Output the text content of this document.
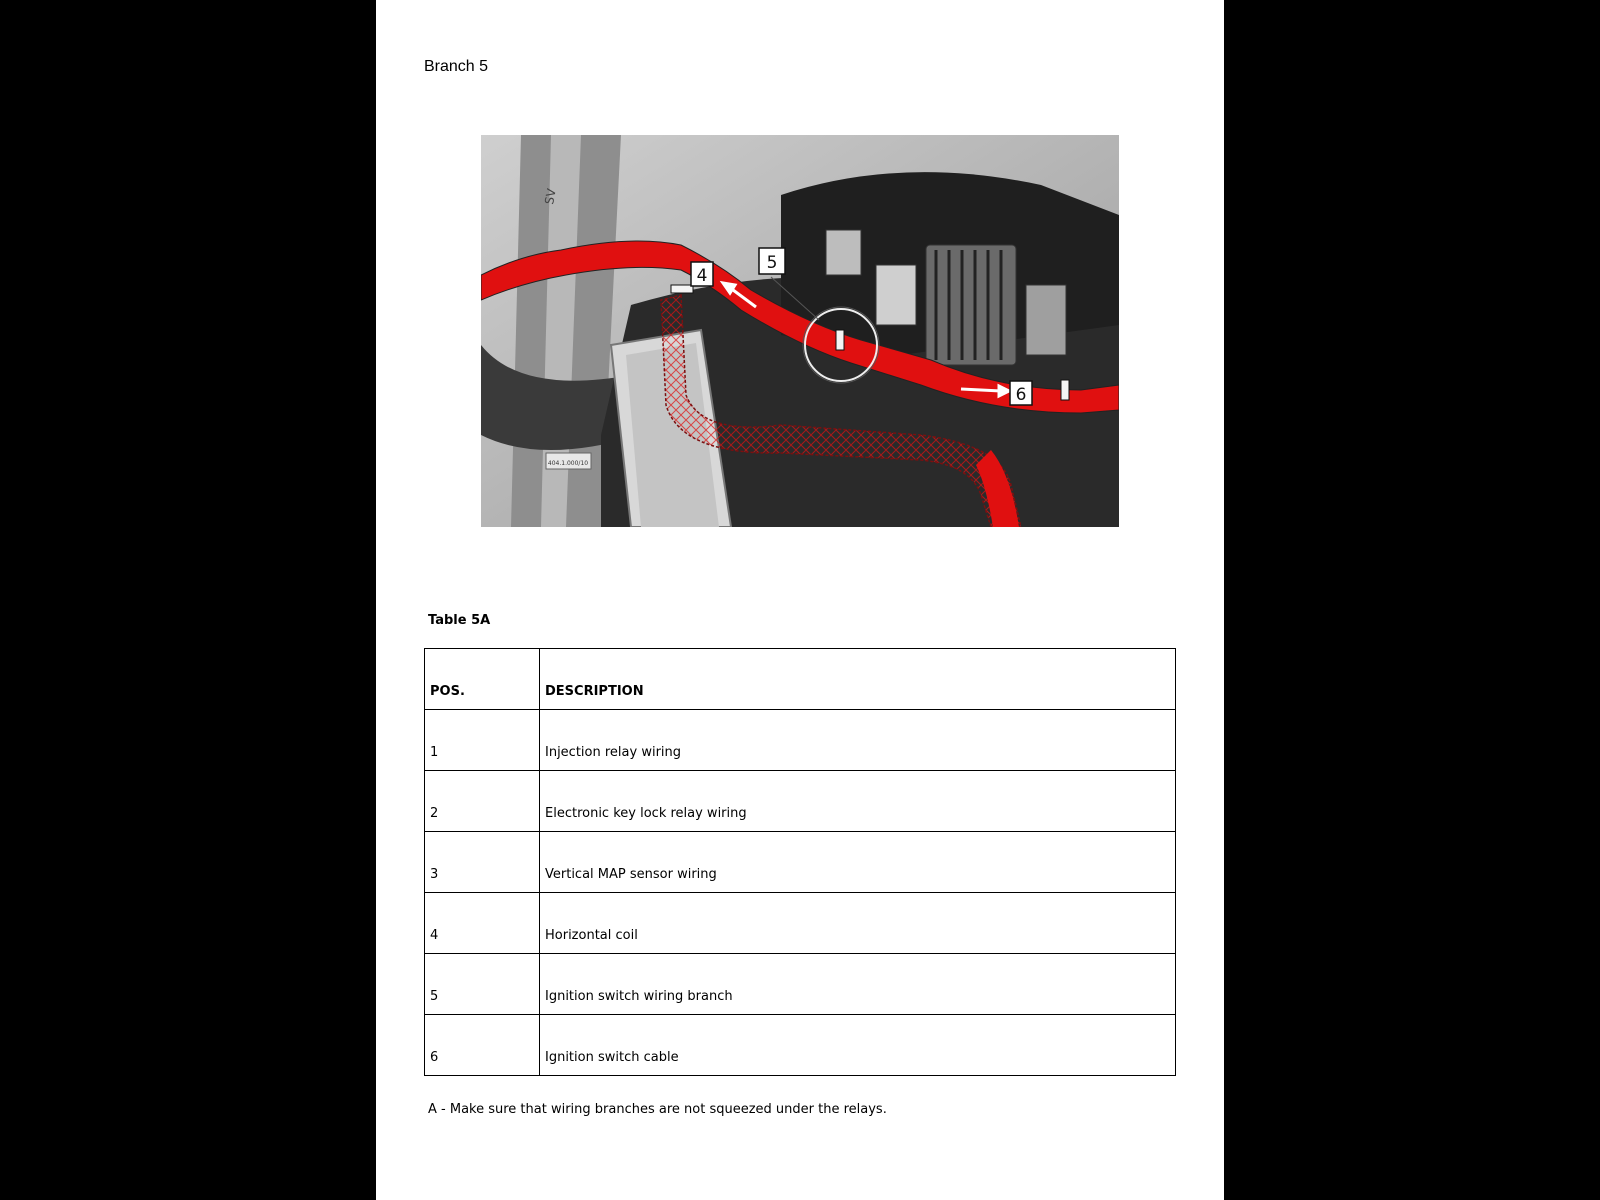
Branch 5
404.1.000/10
SV
4
5
6
Table 5A
POS.	DESCRIPTION
1	Injection relay wiring
2	Electronic key lock relay wiring
3	Vertical MAP sensor wiring
4	Horizontal coil
5	Ignition switch wiring branch
6	Ignition switch cable
A - Make sure that wiring branches are not squeezed under the relays.
